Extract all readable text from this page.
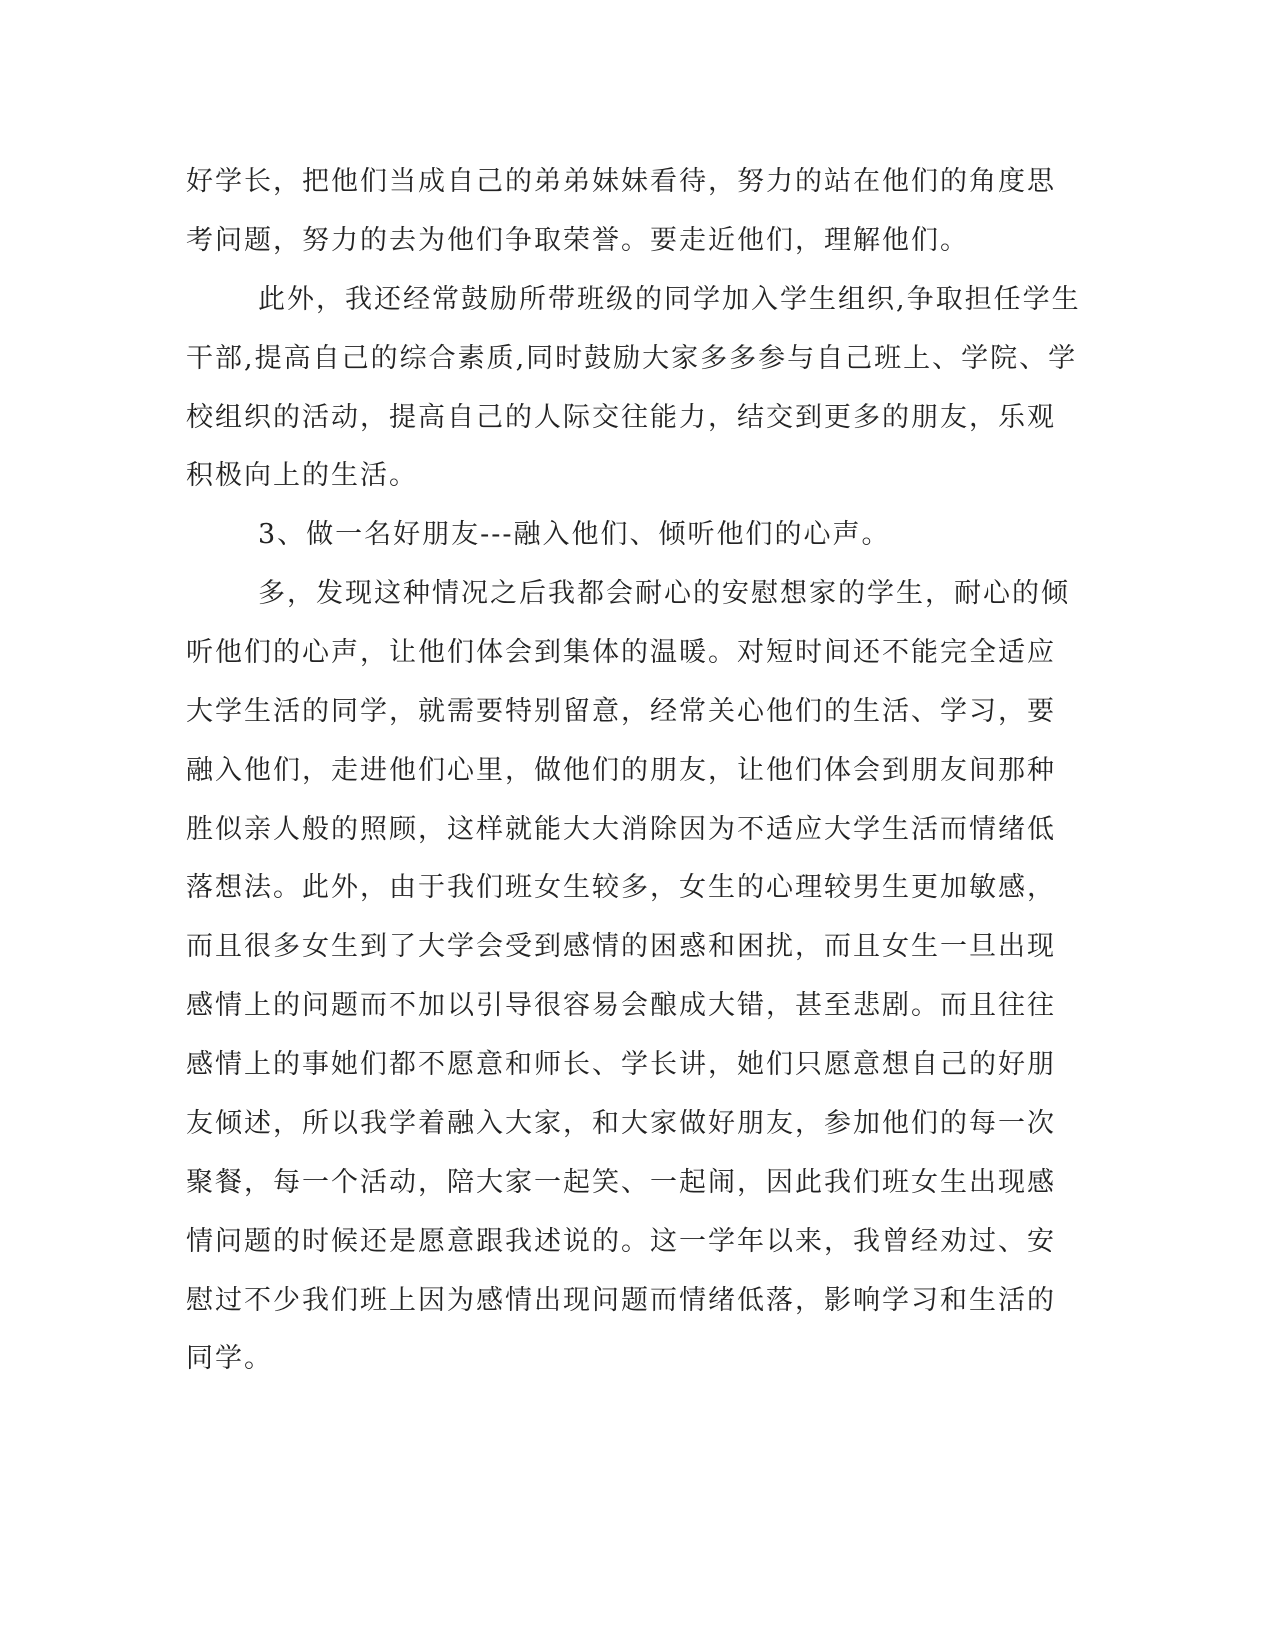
好学长，把他们当成自己的弟弟妹妹看待，努力的站在他们的角度思
考问题，努力的去为他们争取荣誉。要走近他们，理解他们。
此外，我还经常鼓励所带班级的同学加入学生组织,争取担任学生
干部,提高自己的综合素质,同时鼓励大家多多参与自己班上、学院、学
校组织的活动，提高自己的人际交往能力，结交到更多的朋友，乐观
积极向上的生活。
3、做一名好朋友---融入他们、倾听他们的心声。
多，发现这种情况之后我都会耐心的安慰想家的学生，耐心的倾
听他们的心声，让他们体会到集体的温暖。对短时间还不能完全适应
大学生活的同学，就需要特别留意，经常关心他们的生活、学习，要
融入他们，走进他们心里，做他们的朋友，让他们体会到朋友间那种
胜似亲人般的照顾，这样就能大大消除因为不适应大学生活而情绪低
落想法。此外，由于我们班女生较多，女生的心理较男生更加敏感，
而且很多女生到了大学会受到感情的困惑和困扰，而且女生一旦出现
感情上的问题而不加以引导很容易会酿成大错，甚至悲剧。而且往往
感情上的事她们都不愿意和师长、学长讲，她们只愿意想自己的好朋
友倾述，所以我学着融入大家，和大家做好朋友，参加他们的每一次
聚餐，每一个活动，陪大家一起笑、一起闹，因此我们班女生出现感
情问题的时候还是愿意跟我述说的。这一学年以来，我曾经劝过、安
慰过不少我们班上因为感情出现问题而情绪低落，影响学习和生活的
同学。
